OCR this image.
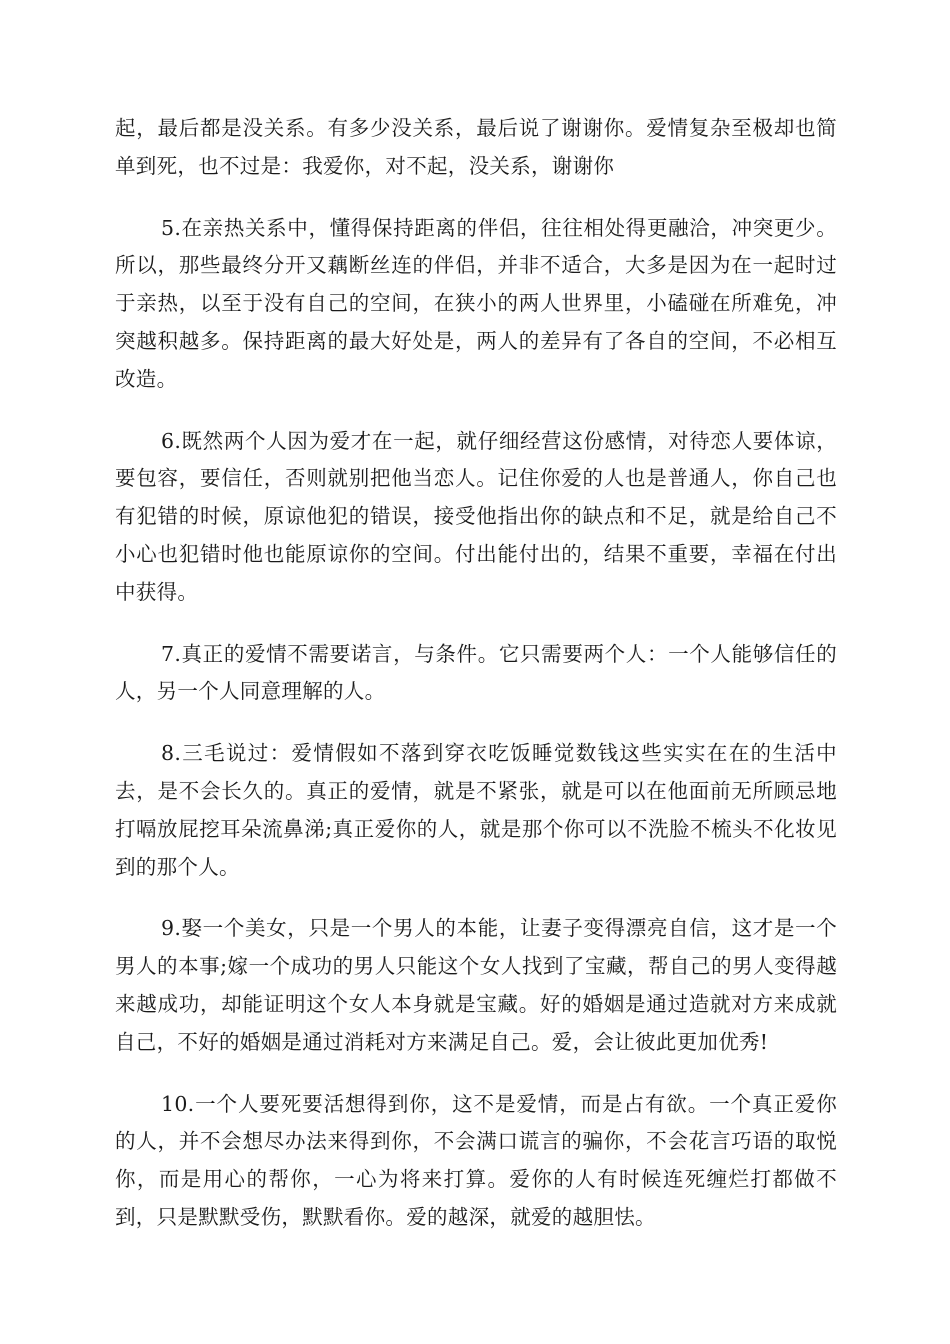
起，最后都是没关系。有多少没关系，最后说了谢谢你。爱情复杂至极却也简单到死，也不过是：我爱你，对不起，没关系，谢谢你

5.在亲热关系中，懂得保持距离的伴侣，往往相处得更融洽，冲突更少。所以，那些最终分开又藕断丝连的伴侣，并非不适合，大多是因为在一起时过于亲热，以至于没有自己的空间，在狭小的两人世界里，小磕碰在所难免，冲突越积越多。保持距离的最大好处是，两人的差异有了各自的空间，不必相互改造。

6.既然两个人因为爱才在一起，就仔细经营这份感情，对待恋人要体谅，要包容，要信任，否则就别把他当恋人。记住你爱的人也是普通人，你自己也有犯错的时候，原谅他犯的错误，接受他指出你的缺点和不足，就是给自己不小心也犯错时他也能原谅你的空间。付出能付出的，结果不重要，幸福在付出中获得。

7.真正的爱情不需要诺言，与条件。它只需要两个人：一个人能够信任的人，另一个人同意理解的人。

8.三毛说过：爱情假如不落到穿衣吃饭睡觉数钱这些实实在在的生活中去，是不会长久的。真正的爱情，就是不紧张，就是可以在他面前无所顾忌地打嗝放屁挖耳朵流鼻涕;真正爱你的人，就是那个你可以不洗脸不梳头不化妆见到的那个人。

9.娶一个美女，只是一个男人的本能，让妻子变得漂亮自信，这才是一个男人的本事;嫁一个成功的男人只能这个女人找到了宝藏，帮自己的男人变得越来越成功，却能证明这个女人本身就是宝藏。好的婚姻是通过造就对方来成就自己，不好的婚姻是通过消耗对方来满足自己。爱，会让彼此更加优秀!

10.一个人要死要活想得到你，这不是爱情，而是占有欲。一个真正爱你的人，并不会想尽办法来得到你，不会满口谎言的骗你，不会花言巧语的取悦你，而是用心的帮你，一心为将来打算。爱你的人有时候连死缠烂打都做不到，只是默默受伤，默默看你。爱的越深，就爱的越胆怯。
